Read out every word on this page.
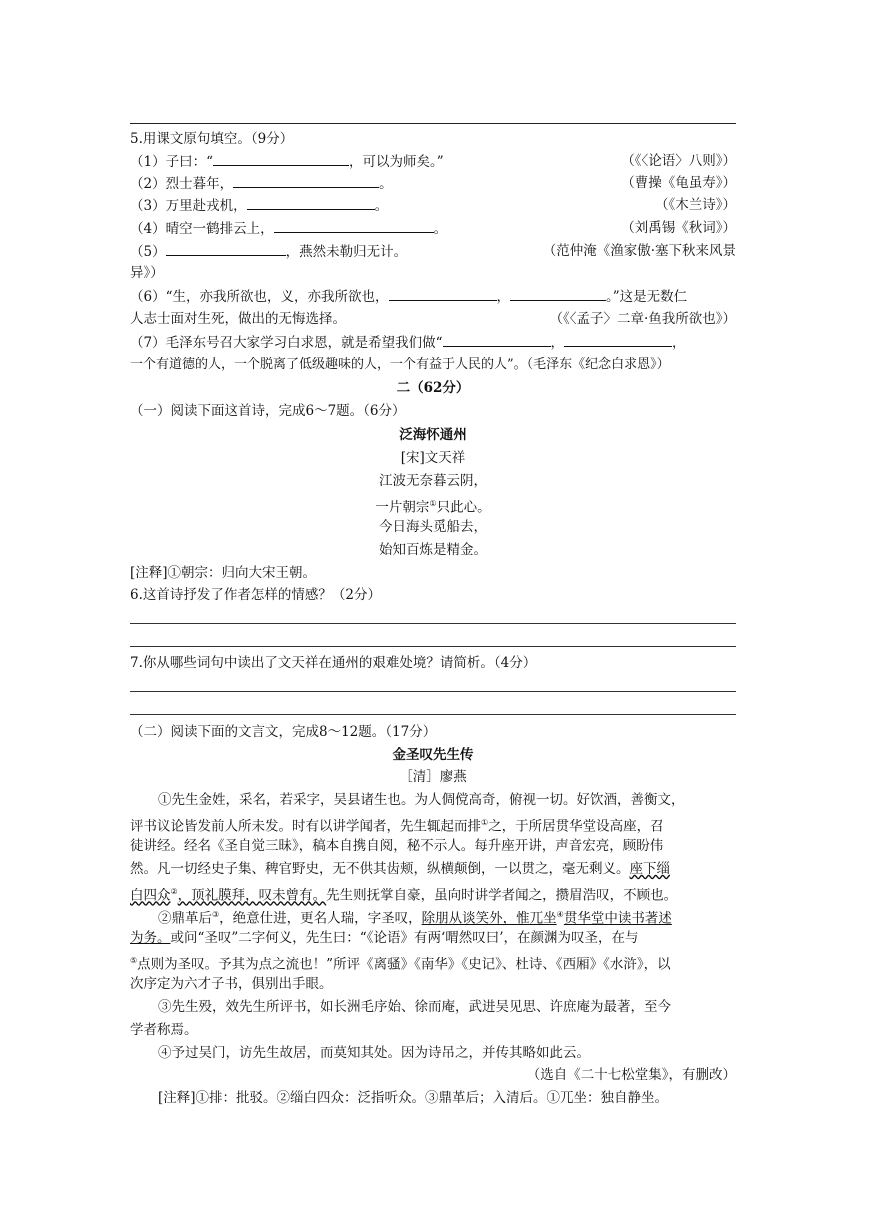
5.用课文原句填空。（9分）
（1）子曰：“	，可以为师矣。”	（《〈论语〉八则》）
（2）烈士暮年，	。	（曹操《龟虽寿》）
（3）万里赴戎机，	。	（《木兰诗》）
（4）晴空一鹤排云上，	。	（刘禹锡《秋词》）
（5）	，燕然未勒归无计。	（范仲淹《渔家傲·塞下秋来风景
异》）
（6）“生，亦我所欲也，义，亦我所欲也，	，	。”这是无数仁
人志士面对生死，做出的无悔选择。	（《〈孟子〉二章·鱼我所欲也》）
（7）毛泽东号召大家学习白求恩，就是希望我们做“	，	，
一个有道德的人，一个脱离了低级趣味的人，一个有益于人民的人”。（毛泽东《纪念白求恩》）
二（62分）
（一）阅读下面这首诗，完成6～7题。（6分）
泛海怀通州
[宋]文天祥
江波无奈暮云阴，
一片朝宗①只此心。
今日海头觅船去，
始知百炼是精金。
[注释]①朝宗：归向大宋王朝。
6.这首诗抒发了作者怎样的情感？（2分）
7.你从哪些词句中读出了文天祥在通州的艰难处境？请简析。（4分）
（二）阅读下面的文言文，完成8～12题。（17分）
金圣叹先生传
［清］廖燕
①先生金姓，采名，若采字，吴县诸生也。为人倜傥高奇，俯视一切。好饮酒，善衡文，
评书议论皆发前人所未发。时有以讲学闻者，先生辄起而排①之，于所居贯华堂设高座，召
徒讲经。经名《圣自觉三昧》，稿本自携自阅，秘不示人。每升座开讲，声音宏亮，顾盼伟
然。凡一切经史子集、稗官野史，无不供其齿颊，纵横颠倒，一以贯之，毫无剩义。座下缁
白四众②，顶礼膜拜，叹未曾有。先生则抚掌自豪，虽向时讲学者闻之，攒眉浩叹，不顾也。
②鼎革后③，绝意仕进，更名人瑞，字圣叹，除朋从谈笑外，惟兀坐④贯华堂中读书著述
为务。或问“圣叹”二字何义，先生曰：“《论语》有两‘喟然叹曰’，在颜渊为叹圣，在与
⑤点则为圣叹。予其为点之流也！”所评《离骚》《南华》《史记》、杜诗、《西厢》《水浒》，以
次序定为六才子书，俱别出手眼。
③先生殁，效先生所评书，如长洲毛序始、徐而庵，武进吴见思、许庶庵为最著，至今
学者称焉。
④予过吴门，访先生故居，而莫知其处。因为诗吊之，并传其略如此云。
（选自《二十七松堂集》，有删改）
[注释]①排：批驳。②缁白四众：泛指听众。③鼎革后；入清后。①兀坐：独自静坐。
